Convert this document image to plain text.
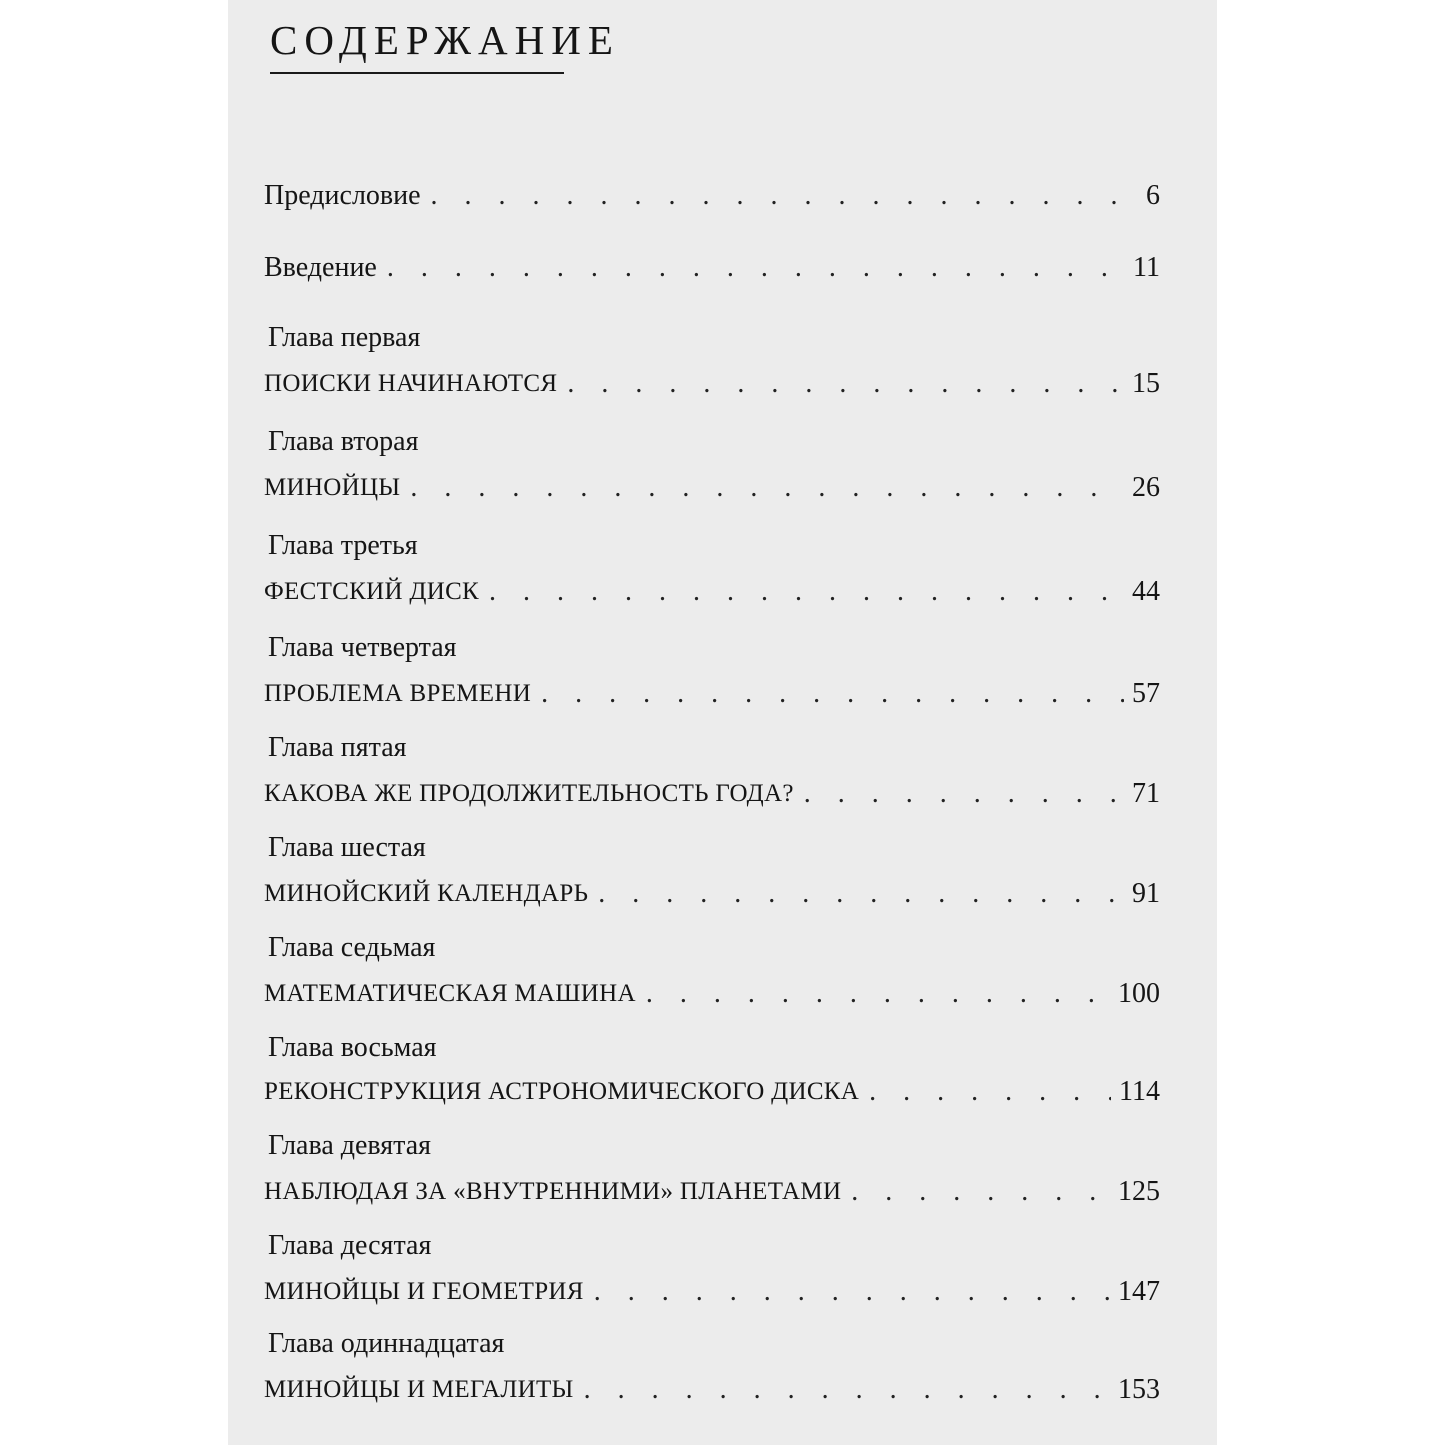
СОДЕРЖАНИЕ
Предисловие . . .	6
Введение . . .	11
Глава первая
ПОИСКИ НАЧИНАЮТСЯ . . .	15
Глава вторая
МИНОЙЦЫ . . .	26
Глава третья
ФЕСТСКИЙ ДИСК . . .	44
Глава четвертая
ПРОБЛЕМА ВРЕМЕНИ . . .	57
Глава пятая
КАКОВА ЖЕ ПРОДОЛЖИТЕЛЬНОСТЬ ГОДА? . . .	71
Глава шестая
МИНОЙСКИЙ КАЛЕНДАРЬ . . .	91
Глава седьмая
МАТЕМАТИЧЕСКАЯ МАШИНА . . .	100
Глава восьмая
РЕКОНСТРУКЦИЯ АСТРОНОМИЧЕСКОГО ДИСКА . . .	114
Глава девятая
НАБЛЮДАЯ ЗА «ВНУТРЕННИМИ» ПЛАНЕТАМИ . . .	125
Глава десятая
МИНОЙЦЫ И ГЕОМЕТРИЯ . . .	147
Глава одиннадцатая
МИНОЙЦЫ И МЕГАЛИТЫ . . .	153
